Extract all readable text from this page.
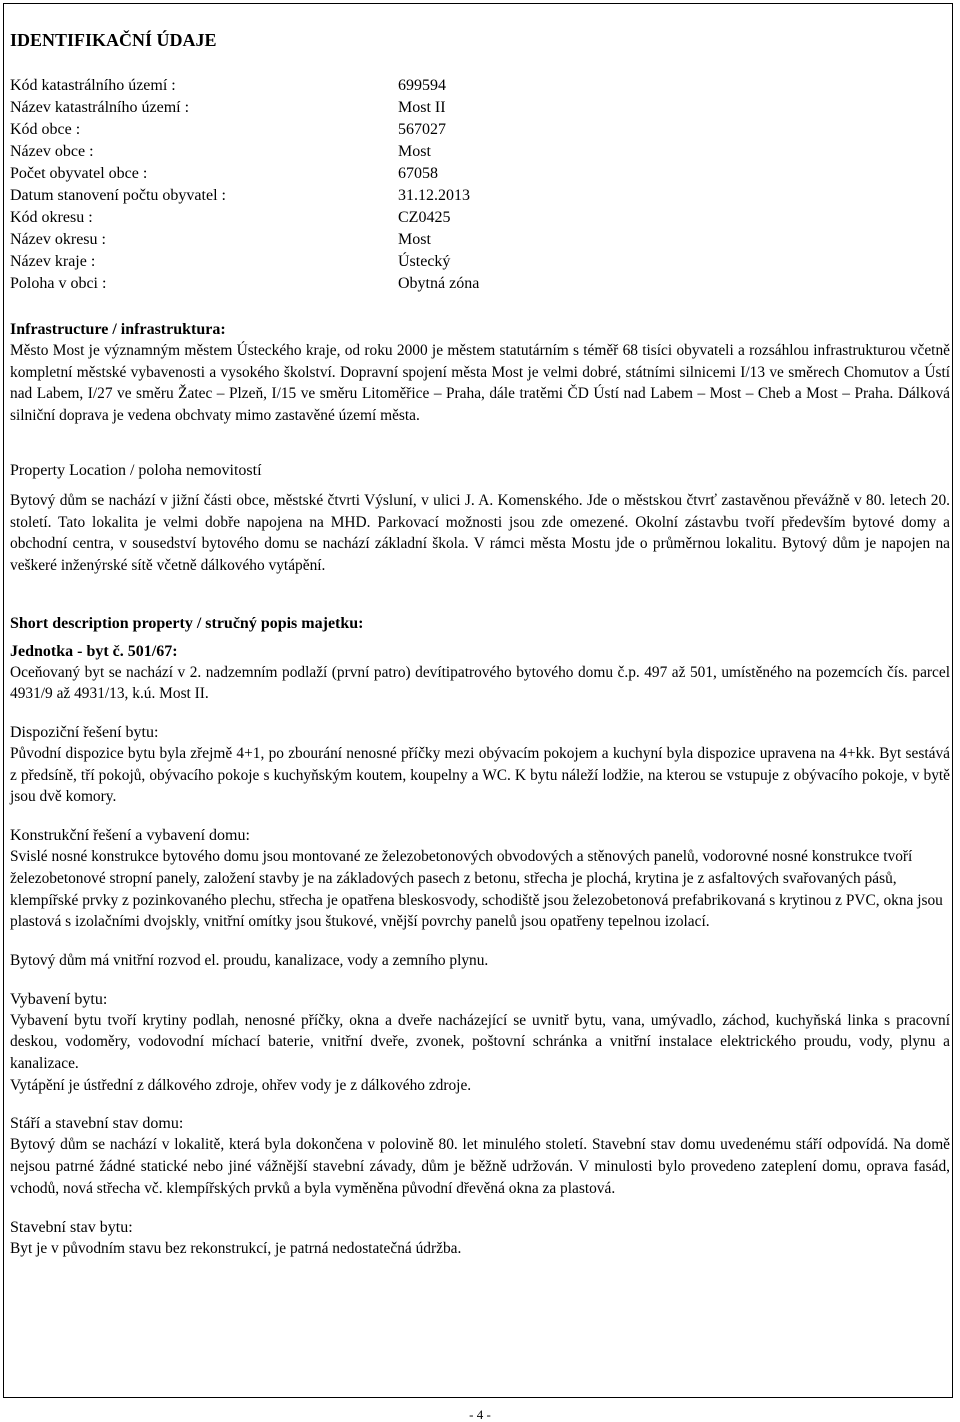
IDENTIFIKAČNÍ ÚDAJE
Kód katastrálního území :	699594
Název katastrálního území :	Most II
Kód obce :	567027
Název obce :	Most
Počet obyvatel obce :	67058
Datum stanovení počtu obyvatel :	31.12.2013
Kód okresu :	CZ0425
Název okresu :	Most
Název kraje :	Ústecký
Poloha v obci :	Obytná zóna
Infrastructure / infrastruktura:

Město Most je významným městem Ústeckého kraje, od roku 2000 je městem statutárním s téměř 68 tisíci obyvateli a rozsáhlou infrastrukturou včetně kompletní městské vybavenosti a vysokého školství. Dopravní spojení města Most je velmi dobré, státními silnicemi I/13 ve směrech Chomutov a Ústí nad Labem, I/27 ve směru Žatec – Plzeň, I/15 ve směru Litoměřice – Praha, dále tratěmi ČD Ústí nad Labem – Most – Cheb a Most – Praha. Dálková silniční doprava je vedena obchvaty mimo zastavěné území města.

Property Location / poloha nemovitostí

Bytový dům se nachází v jižní části obce, městské čtvrti Výsluní, v ulici J. A. Komenského. Jde o městskou čtvrť zastavěnou převážně v 80. letech 20. století. Tato lokalita je velmi dobře napojena na MHD. Parkovací možnosti jsou zde omezené. Okolní zástavbu tvoří především bytové domy a obchodní centra, v sousedství bytového domu se nachází základní škola. V rámci města Mostu jde o průměrnou lokalitu. Bytový dům je napojen na veškeré inženýrské sítě včetně dálkového vytápění.

Short description property / stručný popis majetku:
Jednotka - byt č. 501/67:

Oceňovaný byt se nachází v 2. nadzemním podlaží (první patro) devítipatrového bytového domu č.p. 497 až 501, umístěného na pozemcích čís. parcel 4931/9 až 4931/13, k.ú. Most II.

Dispoziční řešení bytu:

Původní dispozice bytu byla zřejmě 4+1, po zbourání nenosné příčky mezi obývacím pokojem a kuchyní byla dispozice upravena na 4+kk. Byt sestává z předsíně, tří pokojů, obývacího pokoje s kuchyňským koutem, koupelny a WC. K bytu náleží lodžie, na kterou se vstupuje z obývacího pokoje, v bytě jsou dvě komory.

Konstrukční řešení a vybavení domu:

Svislé nosné konstrukce bytového domu jsou montované ze železobetonových obvodových a stěnových panelů, vodorovné nosné konstrukce tvoří železobetonové stropní panely, založení stavby je na základových pasech z betonu, střecha je plochá, krytina je z asfaltových svařovaných pásů, klempířské prvky z pozinkovaného plechu, střecha je opatřena bleskosvody, schodiště jsou železobetonová prefabrikovaná s krytinou z PVC, okna jsou plastová s izolačními dvojskly, vnitřní omítky jsou štukové, vnější povrchy panelů jsou opatřeny tepelnou izolací.

Bytový dům má vnitřní rozvod el. proudu, kanalizace, vody a zemního plynu.

Vybavení bytu:

Vybavení bytu tvoří krytiny podlah, nenosné příčky, okna a dveře nacházející se uvnitř bytu, vana, umývadlo, záchod, kuchyňská linka s pracovní deskou, vodoměry, vodovodní míchací baterie, vnitřní dveře, zvonek, poštovní schránka a vnitřní instalace elektrického proudu, vody, plynu a kanalizace.

Vytápění je ústřední z dálkového zdroje, ohřev vody je z dálkového zdroje.

Stáří a stavební stav domu:

Bytový dům se nachází v lokalitě, která byla dokončena v polovině 80. let minulého století. Stavební stav domu uvedenému stáří odpovídá. Na domě nejsou patrné žádné statické nebo jiné vážnější stavební závady, dům je běžně udržován. V minulosti bylo provedeno zateplení domu, oprava fasád, vchodů, nová střecha vč. klempířských prvků a byla vyměněna původní dřevěná okna za plastová.

Stavební stav bytu:

Byt je v původním stavu bez rekonstrukcí, je patrná nedostatečná údržba.

- 4 -
